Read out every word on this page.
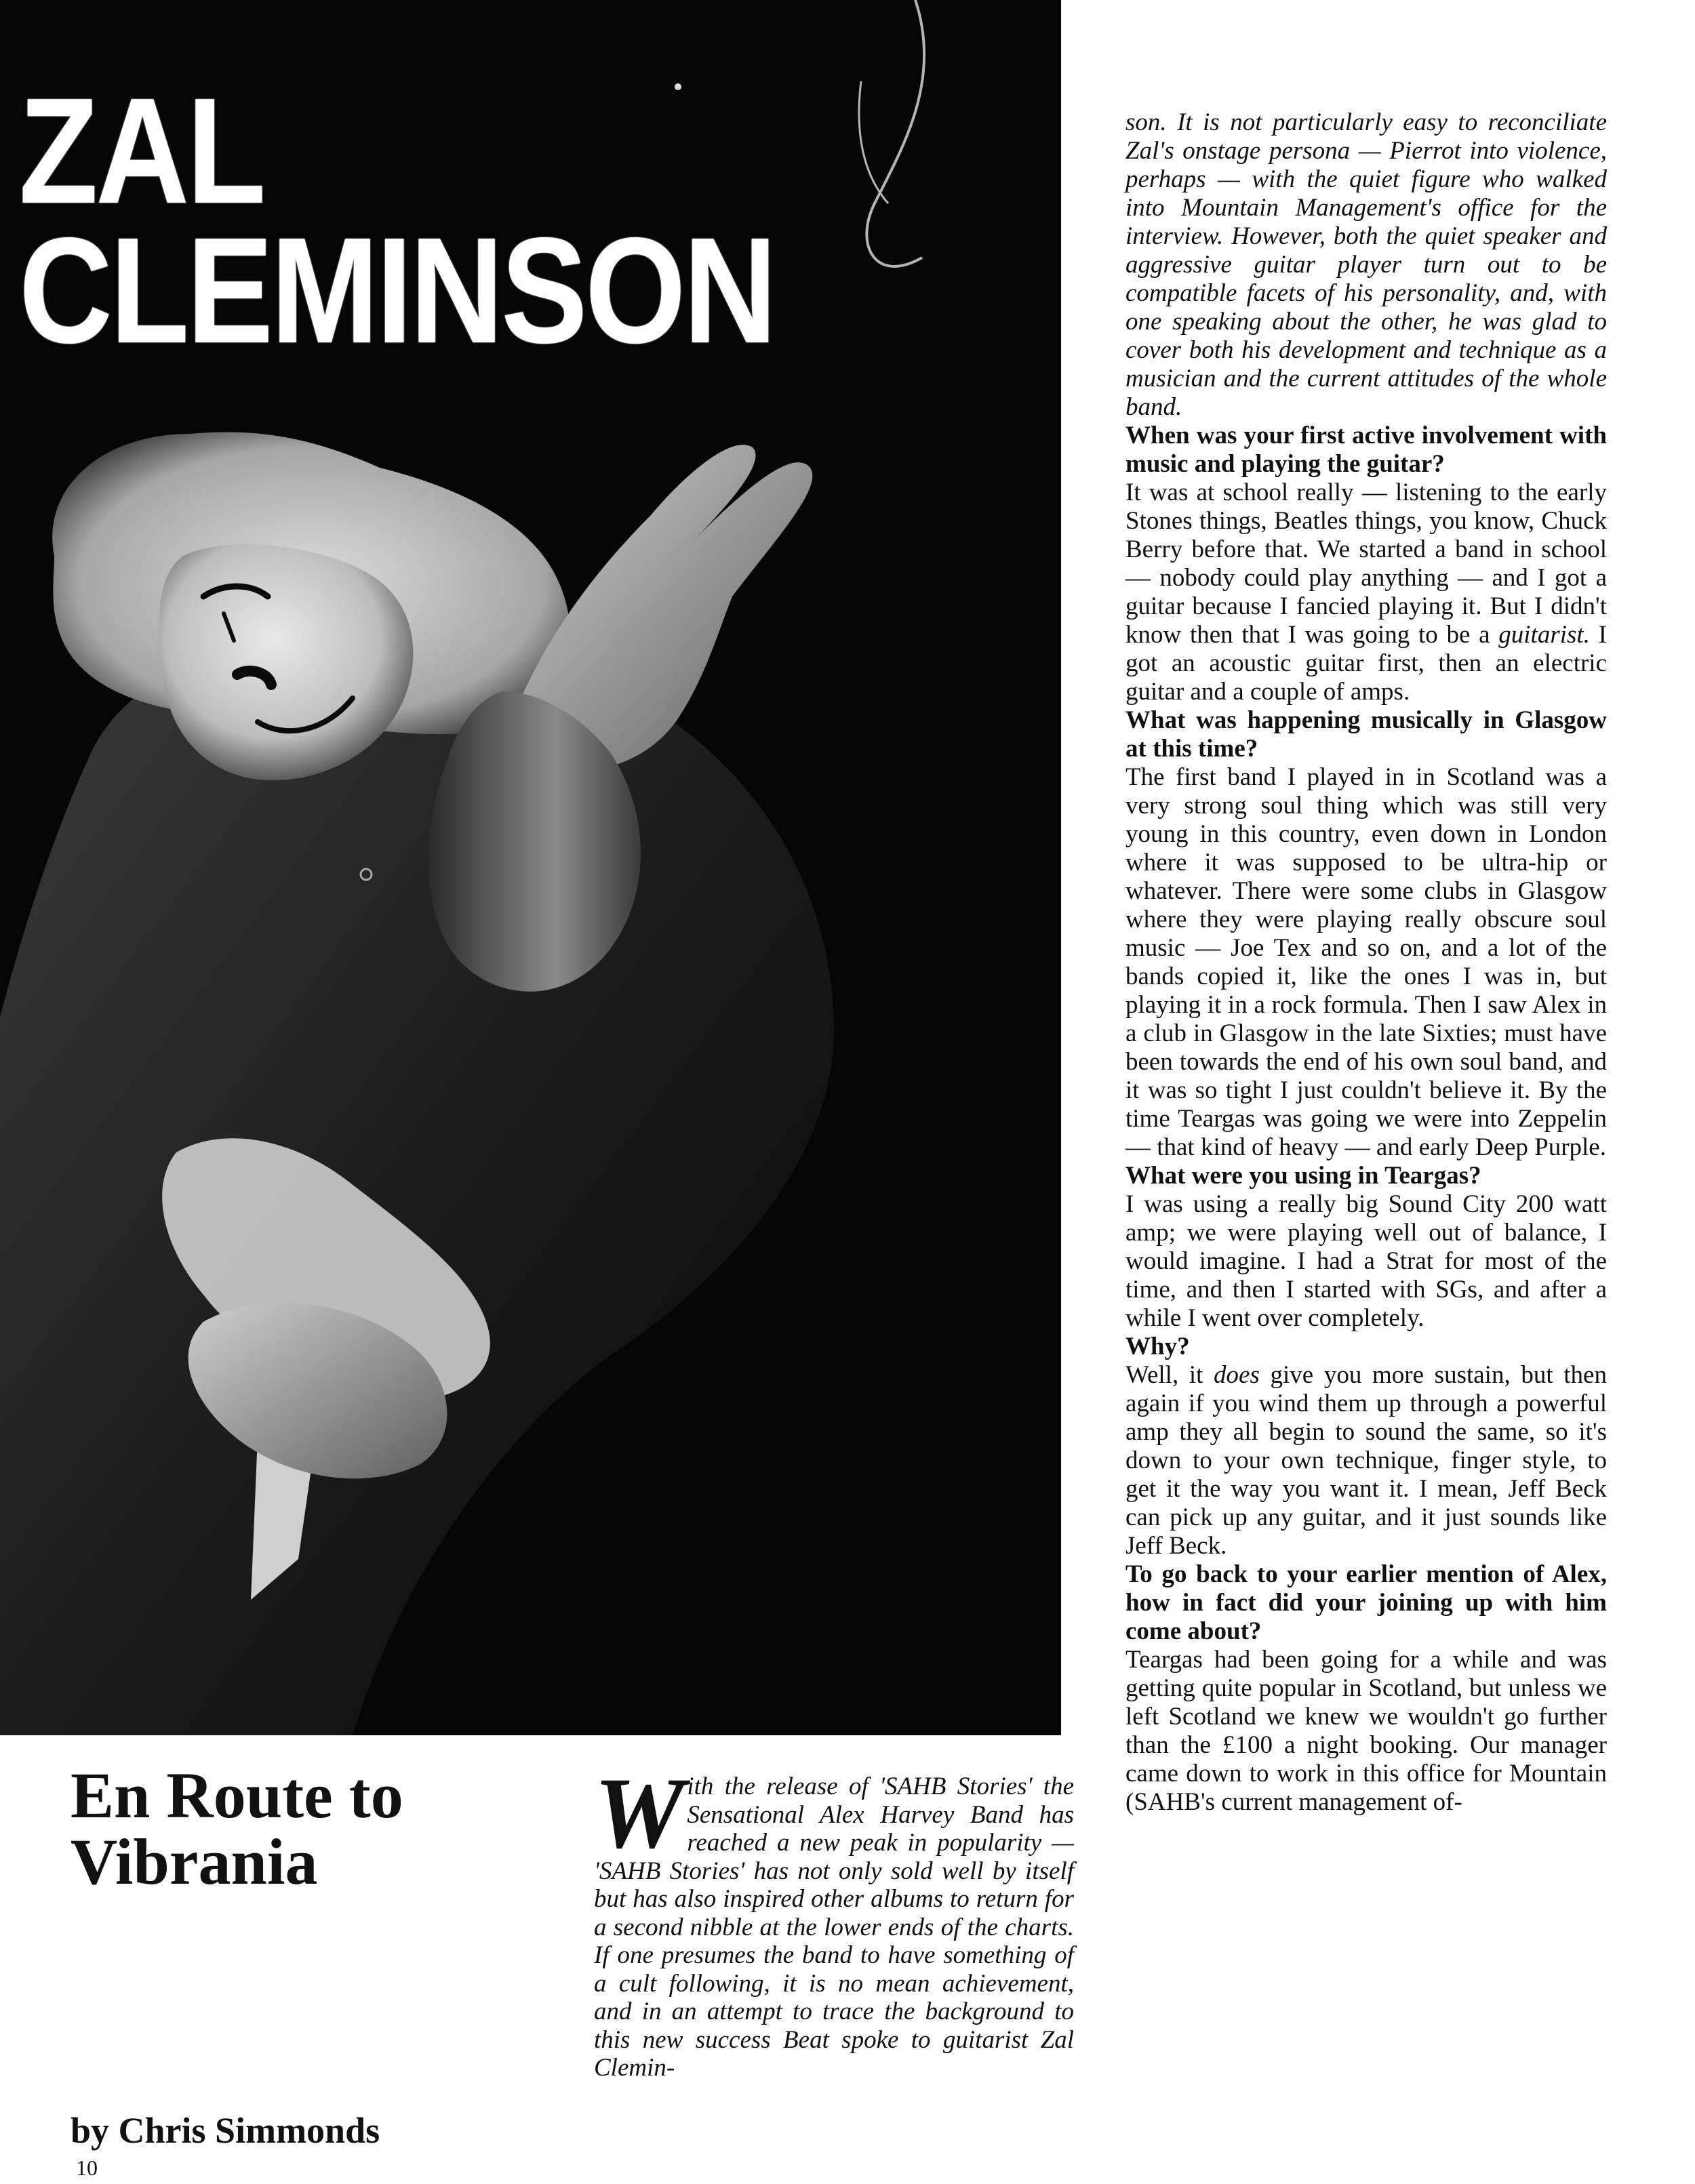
ZAL
CLEMINSON

son. It is not particularly easy to reconciliate Zal's onstage persona — Pierrot into violence, perhaps — with the quiet figure who walked into Mountain Management's office for the interview. However, both the quiet speaker and aggressive guitar player turn out to be compatible facets of his personality, and, with one speaking about the other, he was glad to cover both his development and technique as a musician and the current attitudes of the whole band.

When was your first active involvement with music and playing the guitar?

It was at school really — listening to the early Stones things, Beatles things, you know, Chuck Berry before that. We started a band in school — nobody could play anything — and I got a guitar because I fancied playing it. But I didn't know then that I was going to be a guitarist. I got an acoustic guitar first, then an electric guitar and a couple of amps.

What was happening musically in Glasgow at this time?

The first band I played in in Scotland was a very strong soul thing which was still very young in this country, even down in London where it was supposed to be ultra-hip or whatever. There were some clubs in Glasgow where they were playing really obscure soul music — Joe Tex and so on, and a lot of the bands copied it, like the ones I was in, but playing it in a rock formula. Then I saw Alex in a club in Glasgow in the late Sixties; must have been towards the end of his own soul band, and it was so tight I just couldn't believe it. By the time Teargas was going we were into Zeppelin — that kind of heavy — and early Deep Purple.

What were you using in Teargas?

I was using a really big Sound City 200 watt amp; we were playing well out of balance, I would imagine. I had a Strat for most of the time, and then I started with SGs, and after a while I went over completely.

Why?

Well, it does give you more sustain, but then again if you wind them up through a powerful amp they all begin to sound the same, so it's down to your own technique, finger style, to get it the way you want it. I mean, Jeff Beck can pick up any guitar, and it just sounds like Jeff Beck.

To go back to your earlier mention of Alex, how in fact did your joining up with him come about?

Teargas had been going for a while and was getting quite popular in Scotland, but unless we left Scotland we knew we wouldn't go further than the £100 a night booking. Our manager came down to work in this office for Mountain (SAHB's current management of-

En Route to
Vibrania	With the release of 'SAHB Stories' the Sensational Alex Harvey Band has reached a new peak in popularity — 'SAHB Stories' has not only sold well by itself but has also inspired other albums to return for a second nibble at the lower ends of the charts. If one presumes the band to have something of a cult following, it is no mean achievement, and in an attempt to trace the background to this new success Beat spoke to guitarist Zal Clemin-

by Chris Simmonds

10
